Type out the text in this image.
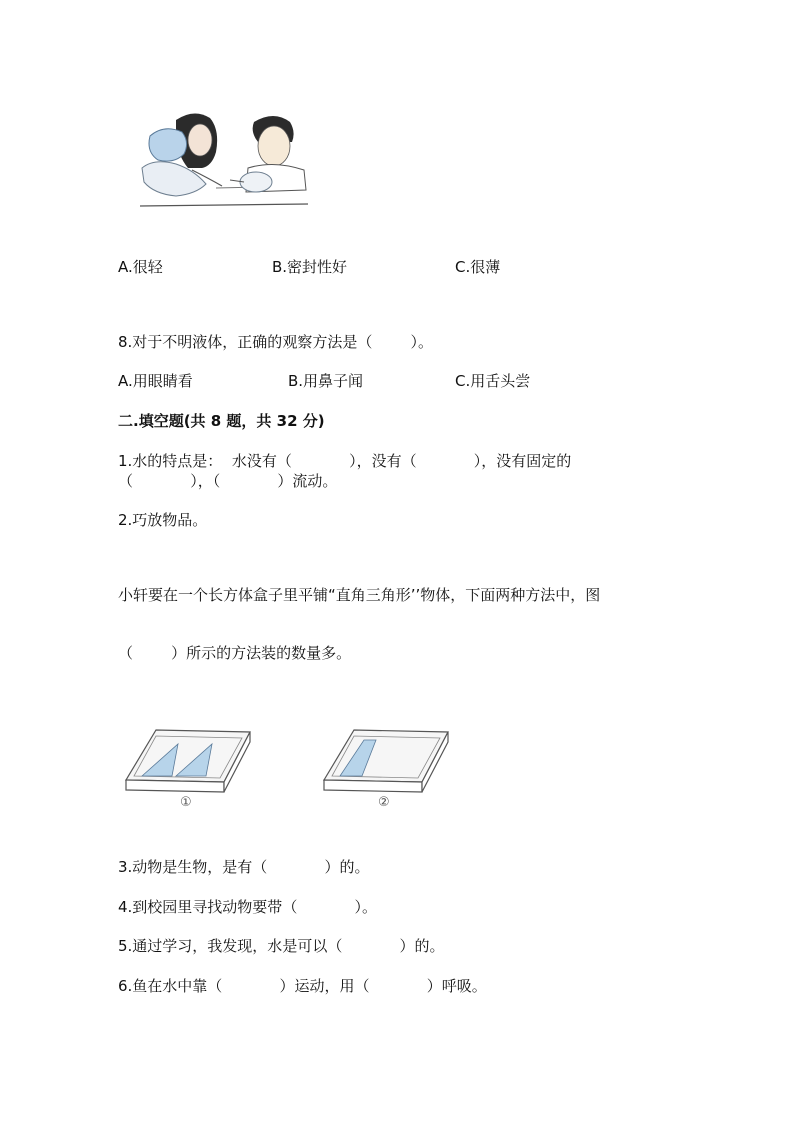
A.很轻	B.密封性好	C.很薄
8.对于不明液体，正确的观察方法是（        ）。
A.用眼睛看	B.用鼻子闻	C.用舌头尝
二.填空题(共 8 题，共 32 分)
1.水的特点是：  水没有（            ），没有（            ），没有固定的
（            ），（            ）流动。
2.巧放物品。
小轩要在一个长方体盒子里平铺“直角三角形’’物体，下面两种方法中，图
（        ）所示的方法装的数量多。
①	②
3.动物是生物，是有（            ）的。
4.到校园里寻找动物要带（            ）。
5.通过学习，我发现，水是可以（            ）的。
6.鱼在水中靠（            ）运动，用（            ）呼吸。
